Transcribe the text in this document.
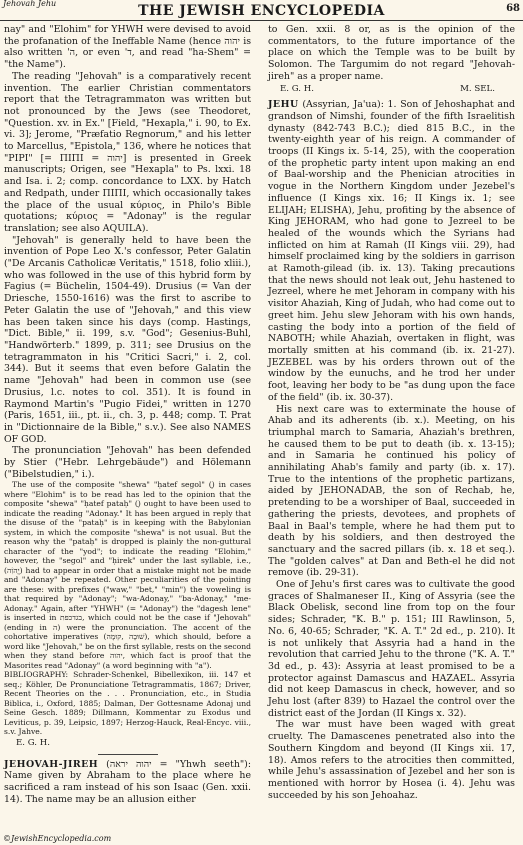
Jehovah Jehu	THE JEWISH ENCYCLOPEDIA	68

nay" and "Elohim" for YHWH were devised to avoid the profanation of the Ineffable Name (hence יהוה is also written 'ה, or even 'ד, and read "ha-Shem" = "the Name").

The reading "Jehovah" is a comparatively recent invention. The earlier Christian commentators report that the Tetragrammaton was written but not pronounced by the Jews (see Theodoret, "Question. xv. in Ex." [Field, "Hexapla," i. 90, to Ex. vi. 3]; Jerome, "Præfatio Regnorum," and his letter to Marcellus, "Epistola," 136, where he notices that "PIPI" [= ΠΙΠΙ = יהוה] is presented in Greek manuscripts; Origen, see "Hexapla" to Ps. lxxi. 18 and Isa. i. 2; comp. concordance to LXX. by Hatch and Redpath, under ΠΙΠΙ, which occasionally takes the place of the usual κύριος, in Philo's Bible quotations; κύριος = "Adonay" is the regular translation; see also AQUILA).

"Jehovah" is generally held to have been the invention of Pope Leo X.'s confessor, Peter Galatin ("De Arcanis Catholicæ Veritatis," 1518, folio xliii.), who was followed in the use of this hybrid form by Fagius (= Büchelin, 1504-49). Drusius (= Van der Driesche, 1550-1616) was the first to ascribe to Peter Galatin the use of "Jehovah," and this view has been taken since his days (comp. Hastings, "Dict. Bible," ii. 199, s.v. "God"; Gesenius-Buhl, "Handwörterb." 1899, p. 311; see Drusius on the tetragrammaton in his "Critici Sacri," i. 2, col. 344). But it seems that even before Galatin the name "Jehovah" had been in common use (see Drusius, l.c. notes to col. 351). It is found in Raymond Martin's "Pugio Fidei," written in 1270 (Paris, 1651, iii., pt. ii., ch. 3, p. 448; comp. T. Prat in "Dictionnaire de la Bible," s.v.). See also NAMES OF GOD.

The pronunciation "Jehovah" has been defended by Stier ("Hebr. Lehrgebäude") and Hölemann ("Bibelstudien," i.).

The use of the composite "shewa" "ḥatef segol" (ֱ) in cases where "Elohim" is to be read has led to the opinion that the composite "shewa" "ḥatef pataḥ" (ֲ) ought to have been used to indicate the reading "Adonay." It has been argued in reply that the disuse of the "pataḥ" is in keeping with the Babylonian system, in which the composite "shewa" is not usual. But the reason why the "pataḥ" is dropped is plainly the non-guttural character of the "yod"; to indicate the reading "Elohim," however, the "segol" and "ḥirek" under the last syllable, i.e., (יֱהוִֹה) had to appear in order that a mistake might not be made and "Adonay" be repeated. Other peculiarities of the pointing are these: with prefixes ("waw," "bet," "min") the voweling is that required by "Adonay"; "wa-Adonay," "ba-Adonay," "me-Adonay." Again, after "YHWH" (= "Adonay") the "dagesh lene" is inserted in בגדכפת, which could not be the case if "Jehovah" (ending in ה) were the pronunciation. The accent of the cohortative imperatives (שׁוּבָה ,קוּמָה), which should, before a word like "Jehovah," be on the first syllable, rests on the second when they stand before יהוה, which fact is proof that the Masorites read "Adonay" (a word beginning with "a").

BIBLIOGRAPHY: Schrader-Schenkel, Bibellexikon, iii. 147 et seq.; Köhler, De Pronunciatione Tetragrammatis, 1867; Driver, Recent Theories on the . . . Pronunciation, etc., in Studia Biblica, i., Oxford, 1885; Dalman, Der Gottesname Adonaj und Seine Gesch. 1889; Dillmann, Kommentar zu Exodus und Leviticus, p. 39, Leipsic, 1897; Herzog-Hauck, Real-Encyc. viii., s.v. Jahve.

E. G. H.

JEHOVAH-JIREH (יהוה יראה = "Yhwh seeth"): Name given by Abraham to the place where he sacrificed a ram instead of his son Isaac (Gen. xxii. 14). The name may be an allusion either

to Gen. xxii. 8 or, as is the opinion of the commentators, to the future importance of the place on which the Temple was to be built by Solomon. The Targumim do not regard "Jehovah-jireh" as a proper name.

E. G. H.	M. SEL.

JEHU (Assyrian, Ja'ua): 1. Son of Jehoshaphat and grandson of Nimshi, founder of the fifth Israelitish dynasty (842-743 B.C.); died 815 B.C., in the twenty-eighth year of his reign. A commander of troops (II Kings ix. 5-14, 25), with the cooperation of the prophetic party intent upon making an end of Baal-worship and the Phenician atrocities in vogue in the Northern Kingdom under Jezebel's influence (I Kings xix. 16; II Kings ix. 1; see ELIJAH; ELISHA), Jehu, profiting by the absence of King JEHORAM, who had gone to Jezreel to be healed of the wounds which the Syrians had inflicted on him at Ramah (II Kings viii. 29), had himself proclaimed king by the soldiers in garrison at Ramoth-gilead (ib. ix. 13). Taking precautions that the news should not leak out, Jehu hastened to Jezreel, where he met Jehoram in company with his visitor Ahaziah, King of Judah, who had come out to greet him. Jehu slew Jehoram with his own hands, casting the body into a portion of the field of NABOTH; while Ahaziah, overtaken in flight, was mortally smitten at his command (ib. ix. 21-27). JEZEBEL was by his orders thrown out of the window by the eunuchs, and he trod her under foot, leaving her body to be "as dung upon the face of the field" (ib. ix. 30-37).

His next care was to exterminate the house of Ahab and its adherents (ib. x.). Meeting, on his triumphal march to Samaria, Ahaziah's brethren, he caused them to be put to death (ib. x. 13-15); and in Samaria he continued his policy of annihilating Ahab's family and party (ib. x. 17). True to the intentions of the prophetic partizans, aided by JEHONADAB, the son of Rechab, he, pretending to be a worshiper of Baal, succeeded in gathering the priests, devotees, and prophets of Baal in Baal's temple, where he had them put to death by his soldiers, and then destroyed the sanctuary and the sacred pillars (ib. x. 18 et seq.). The "golden calves" at Dan and Beth-el he did not remove (ib. 29-31).

One of Jehu's first cares was to cultivate the good graces of Shalmaneser II., King of Assyria (see the Black Obelisk, second line from top on the four sides; Schrader, "K. B." p. 151; III Rawlinson, 5, No. 6, 40-65; Schrader, "K. A. T." 2d ed., p. 210). It is not unlikely that Assyria had a hand in the revolution that carried Jehu to the throne ("K. A. T." 3d ed., p. 43): Assyria at least promised to be a protector against Damascus and HAZAEL. Assyria did not keep Damascus in check, however, and so Jehu lost (after 839) to Hazael the control over the district east of the Jordan (II Kings x. 32).

The war must have been waged with great cruelty. The Damascenes penetrated also into the Southern Kingdom and beyond (II Kings xii. 17, 18). Amos refers to the atrocities then committed, while Jehu's assassination of Jezebel and her son is mentioned with horror by Hosea (i. 4). Jehu was succeeded by his son Jehoahaz.

©JewishEncyclopedia.com
